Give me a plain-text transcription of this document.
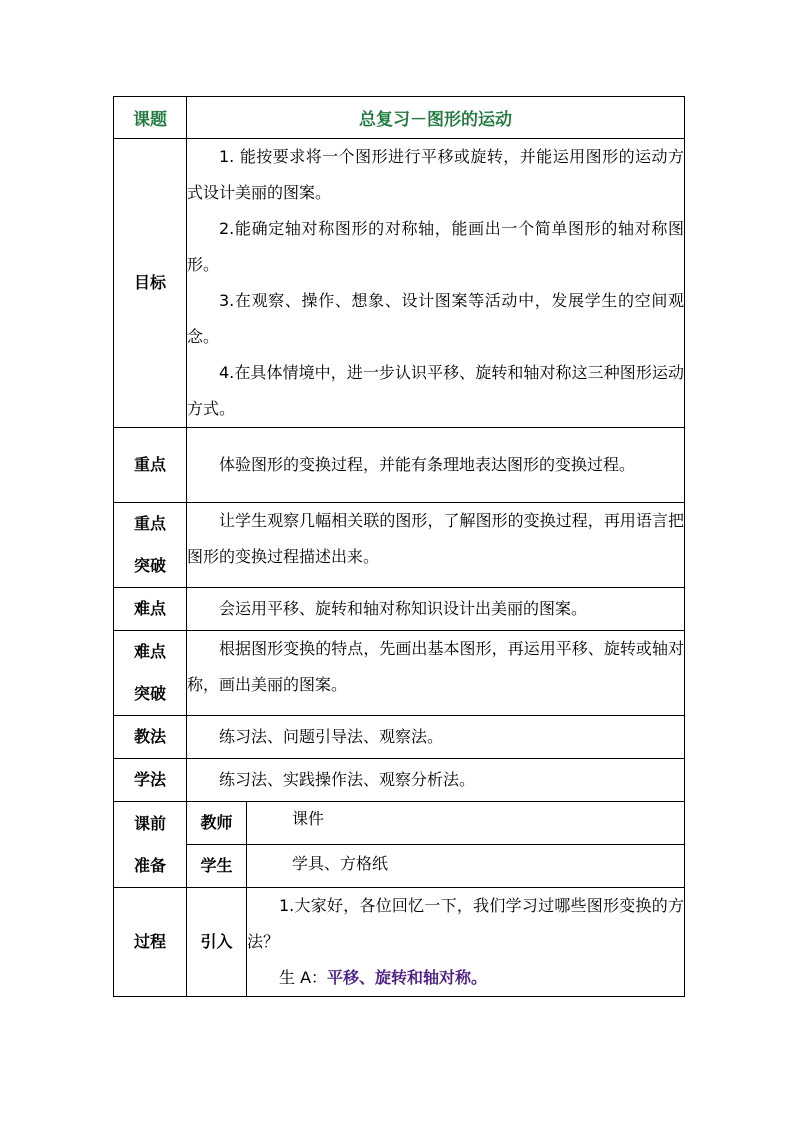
课题	总复习－图形的运动	
目标	1. 能按要求将一个图形进行平移或旋转，并能运用图形的运动方式设计美丽的图案。

2.能确定轴对称图形的对称轴，能画出一个简单图形的轴对称图形。

3.在观察、操作、想象、设计图案等活动中，发展学生的空间观念。

4.在具体情境中，进一步认识平移、旋转和轴对称这三种图形运动方式。	

重点	体验图形的变换过程，并能有条理地表达图形的变换过程。	

重点
突破	让学生观察几幅相关联的图形，了解图形的变换过程，再用语言把图形的变换过程描述出来。	

难点	会运用平移、旋转和轴对称知识设计出美丽的图案。	

难点
突破	根据图形变换的特点，先画出基本图形，再运用平移、旋转或轴对称，画出美丽的图案。	

教法	练习法、问题引导法、观察法。	

学法	练习法、实践操作法、观察分析法。	

课前
准备	教师	课件
	学生	学具、方格纸
过程	引入	1.大家好，各位回忆一下，我们学习过哪些图形变换的方法？

生 A：平移、旋转和轴对称。
